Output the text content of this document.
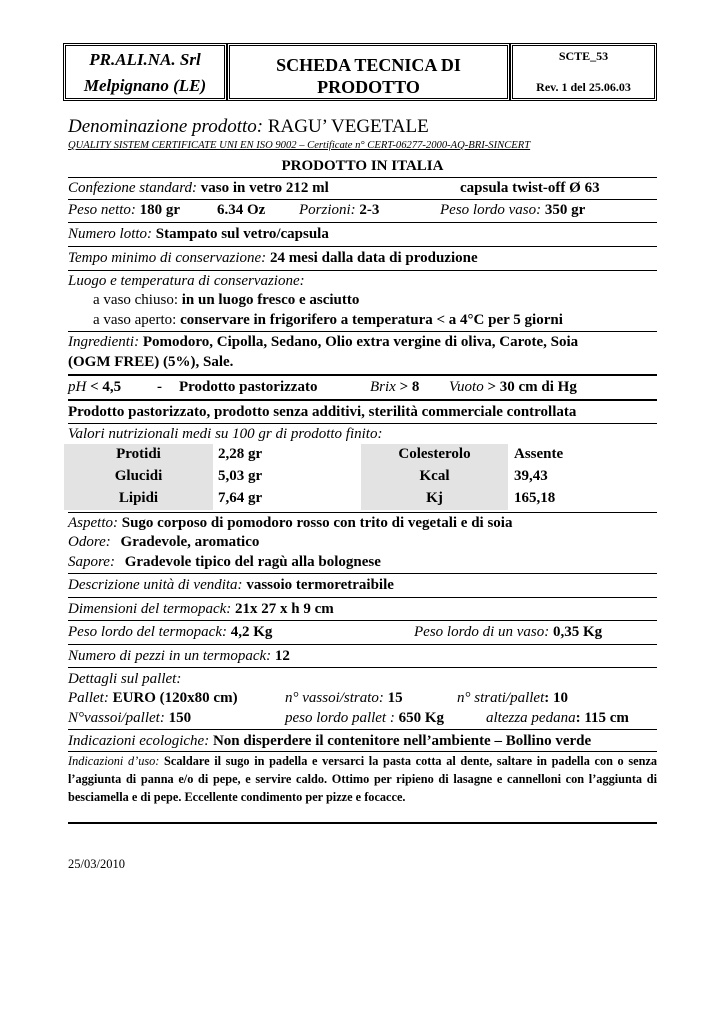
PR.ALI.NA. Srl
Melpignano (LE)
SCHEDA TECNICA DI PRODOTTO
SCTE_53
Rev. 1 del 25.06.03
Denominazione prodotto: RAGU’ VEGETALE
QUALITY SISTEM CERTIFICATE UNI EN ISO 9002 – Certificate n° CERT-06277-2000-AQ-BRI-SINCERT
PRODOTTO IN ITALIA
Confezione standard: vaso in vetro 212 ml	capsula twist-off Ø 63
Peso netto: 180 gr 6.34 Oz Porzioni: 2-3	Peso lordo vaso: 350 gr
Numero lotto: Stampato sul vetro/capsula
Tempo minimo di conservazione: 24 mesi dalla data di produzione
Luogo e temperatura di conservazione:
a vaso chiuso: in un luogo fresco e asciutto
a vaso aperto: conservare in frigorifero a temperatura < a 4°C per 5 giorni
Ingredienti: Pomodoro, Cipolla, Sedano, Olio extra vergine di oliva, Carote, Soia
(OGM FREE) (5%), Sale.
pH < 4,5 - Prodotto pastorizzato	Brix > 8 Vuoto > 30 cm di Hg
Prodotto pastorizzato, prodotto senza additivi, sterilità commerciale controllata
Valori nutrizionali medi su 100 gr di prodotto finito:
Protidi	2,28 gr	Colesterolo	Assente
Glucidi	5,03 gr	Kcal	39,43
Lipidi	7,64 gr	Kj	165,18
Aspetto: Sugo corposo di pomodoro rosso con trito di vegetali e di soia
Odore: Gradevole, aromatico
Sapore: Gradevole tipico del ragù alla bolognese
Descrizione unità di vendita: vassoio termoretraibile
Dimensioni del termopack: 21x 27 x h 9 cm
Peso lordo del termopack: 4,2 Kg	Peso lordo di un vaso: 0,35 Kg
Numero di pezzi in un termopack: 12
Dettagli sul pallet:
Pallet: EURO (120x80 cm)	n° vassoi/strato: 15	n° strati/pallet: 10
N°vassoi/pallet: 150	peso lordo pallet : 650 Kg	altezza pedana: 115 cm
Indicazioni ecologiche: Non disperdere il contenitore nell’ambiente – Bollino verde
Indicazioni d’uso: Scaldare il sugo in padella e versarci la pasta cotta al dente, saltare in padella con o senza l’aggiunta di panna e/o di pepe, e servire caldo. Ottimo per ripieno di lasagne e cannelloni con l’aggiunta di besciamella e di pepe. Eccellente condimento per pizze e focacce.
25/03/2010
